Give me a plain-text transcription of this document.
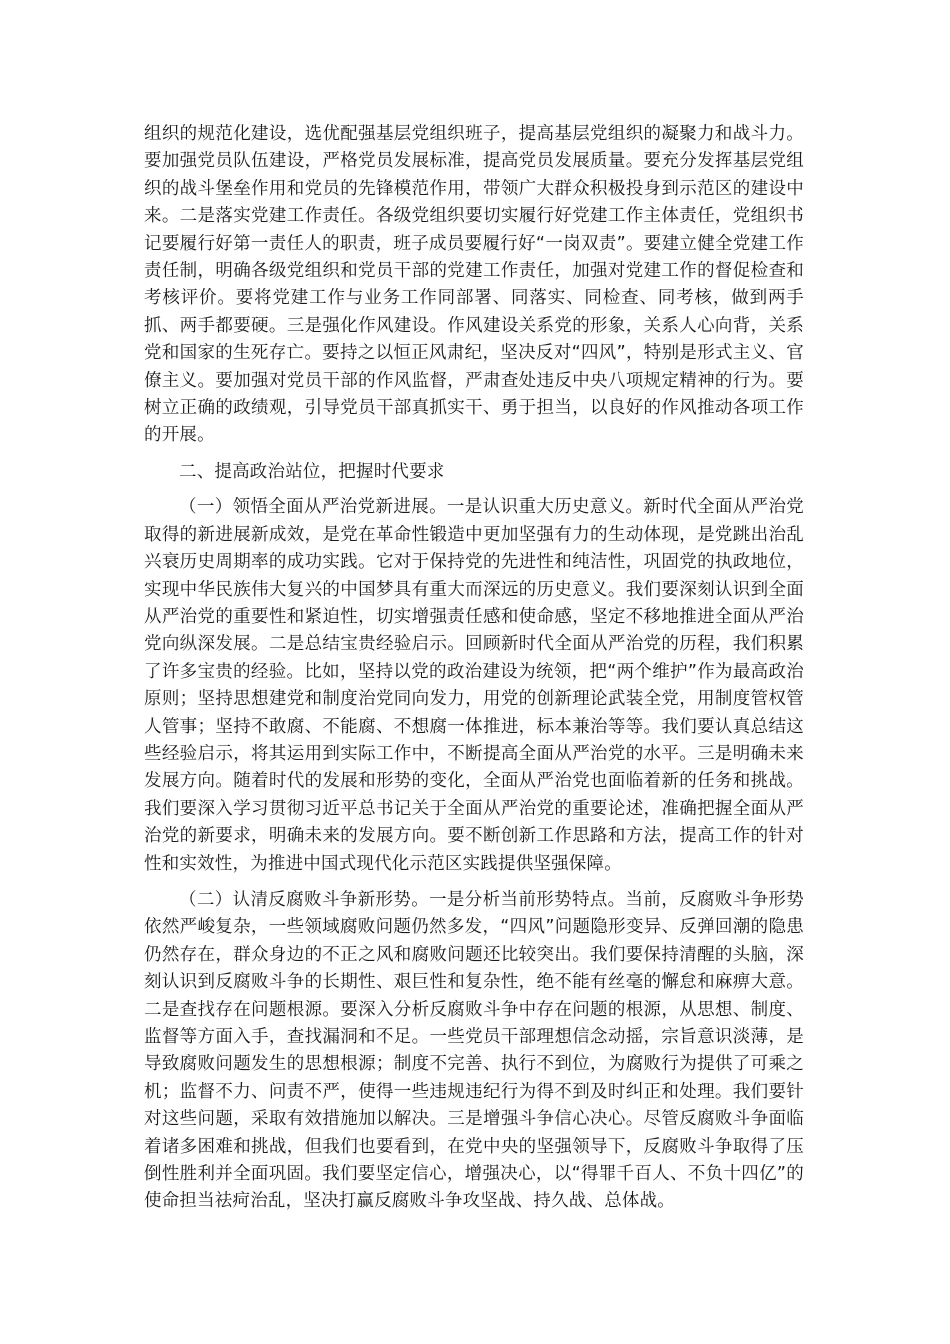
组织的规范化建设，选优配强基层党组织班子，提高基层党组织的凝聚力和战斗力。要加强党员队伍建设，严格党员发展标准，提高党员发展质量。要充分发挥基层党组织的战斗堡垒作用和党员的先锋模范作用，带领广大群众积极投身到示范区的建设中来。二是落实党建工作责任。各级党组织要切实履行好党建工作主体责任，党组织书记要履行好第一责任人的职责，班子成员要履行好“一岗双责”。要建立健全党建工作责任制，明确各级党组织和党员干部的党建工作责任，加强对党建工作的督促检查和考核评价。要将党建工作与业务工作同部署、同落实、同检查、同考核，做到两手抓、两手都要硬。三是强化作风建设。作风建设关系党的形象，关系人心向背，关系党和国家的生死存亡。要持之以恒正风肃纪，坚决反对“四风”，特别是形式主义、官僚主义。要加强对党员干部的作风监督，严肃查处违反中央八项规定精神的行为。要树立正确的政绩观，引导党员干部真抓实干、勇于担当，以良好的作风推动各项工作的开展。

二、提高政治站位，把握时代要求

（一）领悟全面从严治党新进展。一是认识重大历史意义。新时代全面从严治党取得的新进展新成效，是党在革命性锻造中更加坚强有力的生动体现，是党跳出治乱兴衰历史周期率的成功实践。它对于保持党的先进性和纯洁性，巩固党的执政地位，实现中华民族伟大复兴的中国梦具有重大而深远的历史意义。我们要深刻认识到全面从严治党的重要性和紧迫性，切实增强责任感和使命感，坚定不移地推进全面从严治党向纵深发展。二是总结宝贵经验启示。回顾新时代全面从严治党的历程，我们积累了许多宝贵的经验。比如，坚持以党的政治建设为统领，把“两个维护”作为最高政治原则；坚持思想建党和制度治党同向发力，用党的创新理论武装全党，用制度管权管人管事；坚持不敢腐、不能腐、不想腐一体推进，标本兼治等等。我们要认真总结这些经验启示，将其运用到实际工作中，不断提高全面从严治党的水平。三是明确未来发展方向。随着时代的发展和形势的变化，全面从严治党也面临着新的任务和挑战。我们要深入学习贯彻习近平总书记关于全面从严治党的重要论述，准确把握全面从严治党的新要求，明确未来的发展方向。要不断创新工作思路和方法，提高工作的针对性和实效性，为推进中国式现代化示范区实践提供坚强保障。

（二）认清反腐败斗争新形势。一是分析当前形势特点。当前，反腐败斗争形势依然严峻复杂，一些领域腐败问题仍然多发，“四风”问题隐形变异、反弹回潮的隐患仍然存在，群众身边的不正之风和腐败问题还比较突出。我们要保持清醒的头脑，深刻认识到反腐败斗争的长期性、艰巨性和复杂性，绝不能有丝毫的懈怠和麻痹大意。二是查找存在问题根源。要深入分析反腐败斗争中存在问题的根源，从思想、制度、监督等方面入手，查找漏洞和不足。一些党员干部理想信念动摇，宗旨意识淡薄，是导致腐败问题发生的思想根源；制度不完善、执行不到位，为腐败行为提供了可乘之机；监督不力、问责不严，使得一些违规违纪行为得不到及时纠正和处理。我们要针对这些问题，采取有效措施加以解决。三是增强斗争信心决心。尽管反腐败斗争面临着诸多困难和挑战，但我们也要看到，在党中央的坚强领导下，反腐败斗争取得了压倒性胜利并全面巩固。我们要坚定信心，增强决心，以“得罪千百人、不负十四亿”的使命担当祛疴治乱，坚决打赢反腐败斗争攻坚战、持久战、总体战。
